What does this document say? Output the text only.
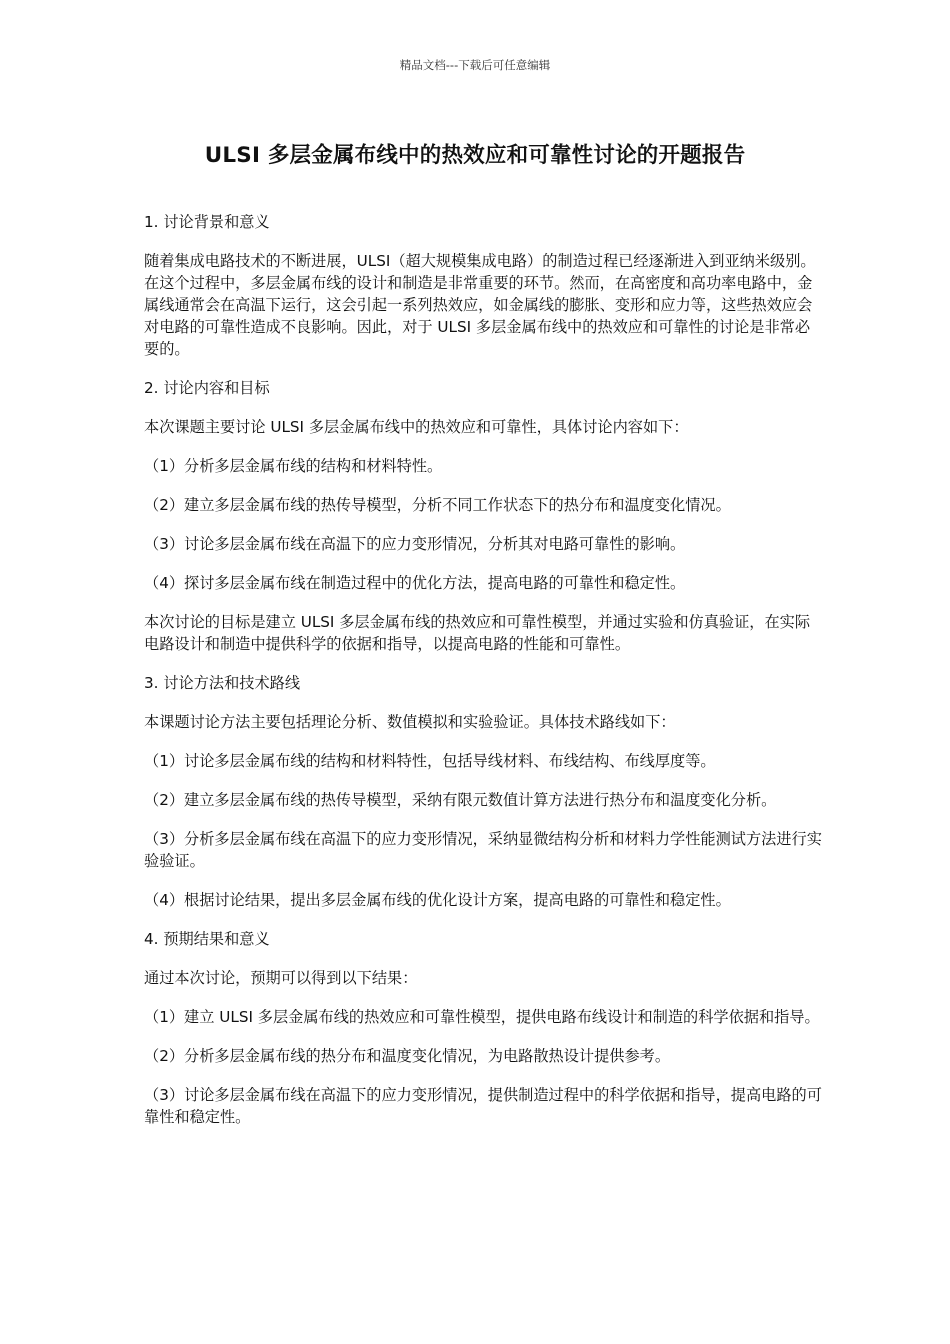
精品文档---下载后可任意编辑
ULSI 多层金属布线中的热效应和可靠性讨论的开题报告
1. 讨论背景和意义
随着集成电路技术的不断进展，ULSI（超大规模集成电路）的制造过程已经逐渐进入到亚纳米级别。在这个过程中，多层金属布线的设计和制造是非常重要的环节。然而，在高密度和高功率电路中，金属线通常会在高温下运行，这会引起一系列热效应，如金属线的膨胀、变形和应力等，这些热效应会对电路的可靠性造成不良影响。因此，对于 ULSI 多层金属布线中的热效应和可靠性的讨论是非常必要的。
2. 讨论内容和目标
本次课题主要讨论 ULSI 多层金属布线中的热效应和可靠性，具体讨论内容如下：
（1）分析多层金属布线的结构和材料特性。
（2）建立多层金属布线的热传导模型，分析不同工作状态下的热分布和温度变化情况。
（3）讨论多层金属布线在高温下的应力变形情况，分析其对电路可靠性的影响。
（4）探讨多层金属布线在制造过程中的优化方法，提高电路的可靠性和稳定性。
本次讨论的目标是建立 ULSI 多层金属布线的热效应和可靠性模型，并通过实验和仿真验证，在实际电路设计和制造中提供科学的依据和指导，以提高电路的性能和可靠性。
3. 讨论方法和技术路线
本课题讨论方法主要包括理论分析、数值模拟和实验验证。具体技术路线如下：
（1）讨论多层金属布线的结构和材料特性，包括导线材料、布线结构、布线厚度等。
（2）建立多层金属布线的热传导模型，采纳有限元数值计算方法进行热分布和温度变化分析。
（3）分析多层金属布线在高温下的应力变形情况，采纳显微结构分析和材料力学性能测试方法进行实验验证。
（4）根据讨论结果，提出多层金属布线的优化设计方案，提高电路的可靠性和稳定性。
4. 预期结果和意义
通过本次讨论，预期可以得到以下结果：
（1）建立 ULSI 多层金属布线的热效应和可靠性模型，提供电路布线设计和制造的科学依据和指导。
（2）分析多层金属布线的热分布和温度变化情况，为电路散热设计提供参考。
（3）讨论多层金属布线在高温下的应力变形情况，提供制造过程中的科学依据和指导，提高电路的可靠性和稳定性。
